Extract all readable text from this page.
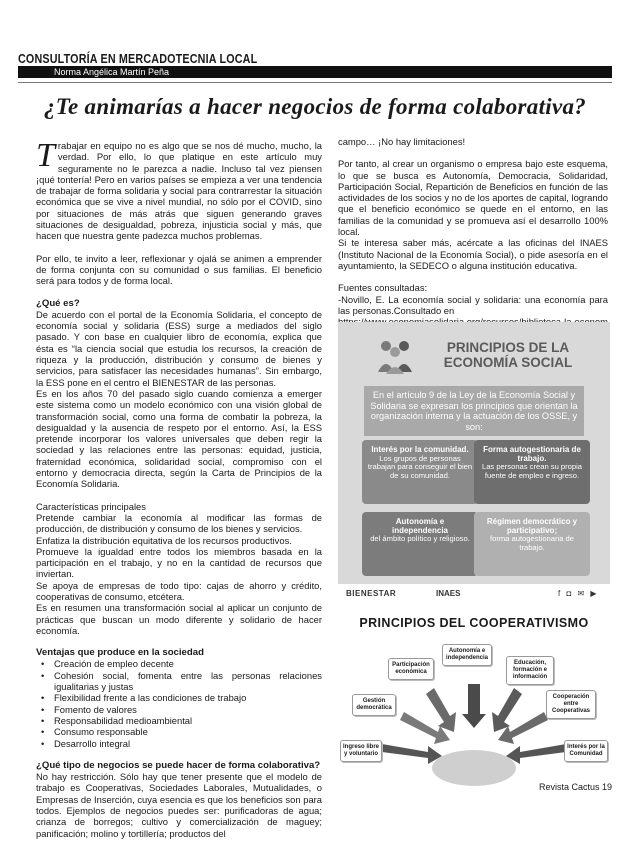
CONSULTORÍA EN MERCADOTECNIA LOCAL
Norma Angélica Martín Peña
¿Te animarías a hacer negocios de forma colaborativa?

Trabajar en equipo no es algo que se nos dé mucho, mucho, la verdad. Por ello, lo que platique en este artículo muy seguramente no le parezca a nadie. Incluso tal vez piensen ¡qué tontería! Pero en varios países se empieza a ver una tendencia de trabajar de forma solidaria y social para contrarrestar la situación económica que se vive a nivel mundial, no sólo por el COVID, sino por situaciones de más atrás que siguen generando graves situaciones de desigualdad, pobreza, injusticia social y más, que hacen que nuestra gente padezca muchos problemas.

Por ello, te invito a leer, reflexionar y ojalá se animen a emprender de forma conjunta con su comunidad o sus familias. El beneficio será para todos y de forma local.

¿Qué es?

De acuerdo con el portal de la Economía Solidaria, el concepto de economía social y solidaria (ESS) surge a mediados del siglo pasado. Y con base en cualquier libro de economía, explica que ésta es “la ciencia social que estudia los recursos, la creación de riqueza y la producción, distribución y consumo de bienes y servicios, para satisfacer las necesidades humanas”. Sin embargo, la ESS pone en el centro el BIENESTAR de las personas.

Es en los años 70 del pasado siglo cuando comienza a emerger este sistema como un modelo económico con una visión global de transformación social, como una forma de combatir la pobreza, la desigualdad y la ausencia de respeto por el entorno. Así, la ESS pretende incorporar los valores universales que deben regir la sociedad y las relaciones entre las personas: equidad, justicia, fraternidad económica, solidaridad social, compromiso con el entorno y democracia directa, según la Carta de Principios de la Economía Solidaria.

Características principales

Pretende cambiar la economía al modificar las formas de producción, de distribución y consumo de los bienes y servicios.

Enfatiza la distribución equitativa de los recursos productivos.

Promueve la igualdad entre todos los miembros basada en la participación en el trabajo, y no en la cantidad de recursos que inviertan.

Se apoya de empresas de todo tipo: cajas de ahorro y crédito, cooperativas de consumo, etcétera.

Es en resumen una transformación social al aplicar un conjunto de prácticas que buscan un modo diferente y solidario de hacer economía.

Ventajas que produce en la sociedad
• Creación de empleo decente
• Cohesión social, fomenta entre las personas relaciones igualitarias y justas
• Flexibilidad frente a las condiciones de trabajo
• Fomento de valores
• Responsabilidad medioambiental
• Consumo responsable
• Desarrollo integral
¿Qué tipo de negocios se puede hacer de forma colaborativa?

No hay restricción. Sólo hay que tener presente que el modelo de trabajo es Cooperativas, Sociedades Laborales, Mutualidades, o Empresas de Inserción, cuya esencia es que los beneficios son para todos. Ejemplos de negocios puedes ser: purificadoras de agua; crianza de borregos; cultivo y comercialización de maguey; panificación; molino y tortillería; productos del

campo… ¡No hay limitaciones!

Por tanto, al crear un organismo o empresa bajo este esquema, lo que se busca es Autonomía, Democracia, Solidaridad, Participación Social, Repartición de Beneficios en función de las actividades de los socios y no de los aportes de capital, logrando que el beneficio económico se quede en el entorno, en las familias de la comunidad y se promueva así el desarrollo 100% local.

Si te interesa saber más, acércate a las oficinas del INAES (Instituto Nacional de la Economía Social), o pide asesoría en el ayuntamiento, la SEDECO o alguna institución educativa.

Fuentes consultadas:

-Novillo, E. La economía social y solidaria: una economía para las personas.Consultado en

PRINCIPIOS DE LA ECONOMÍA SOCIAL
En el artículo 9 de la Ley de la Economía Social y Solidaria se expresan los principios que orientan la organización interna y la actuación de los OSSE, y son:
Interés por la comunidad.
Los grupos de personas trabajan para conseguir el bien de su comunidad.
Forma autogestionaria de trabajo.
Las personas crean su propia fuente de empleo e ingreso.
Autonomía e independencia
del ámbito político y religioso.
Régimen democrático y participativo;
forma autogestionaria de trabajo.
BIENESTAR	INAES	f ◘ ✉ ▶
PRINCIPIOS DEL COOPERATIVISMO
Autonomía e independencia
Participación económica
Educación, formación e información
Gestión democrática
Cooperación entre Cooperativas
Ingreso libre y voluntario
Interés por la Comunidad
Revista Cactus 19
